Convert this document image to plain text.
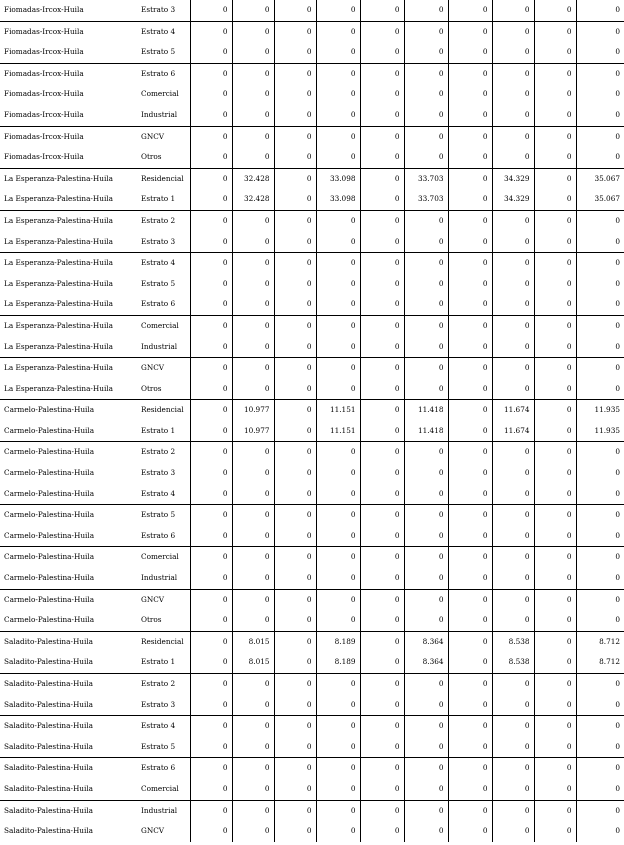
Fiomadas-Ircox-Huila	Estrato 3	0	0	0	0	0	0	0	0	0	0
Fiomadas-Ircox-Huila	Estrato 4	0	0	0	0	0	0	0	0	0	0
Fiomadas-Ircox-Huila	Estrato 5	0	0	0	0	0	0	0	0	0	0
Fiomadas-Ircox-Huila	Estrato 6	0	0	0	0	0	0	0	0	0	0
Fiomadas-Ircox-Huila	Comercial	0	0	0	0	0	0	0	0	0	0
Fiomadas-Ircox-Huila	Industrial	0	0	0	0	0	0	0	0	0	0
Fiomadas-Ircox-Huila	GNCV	0	0	0	0	0	0	0	0	0	0
Fiomadas-Ircox-Huila	Otros	0	0	0	0	0	0	0	0	0	0
La Esperanza-Palestina-Huila	Residencial	0	32.428	0	33.098	0	33.703	0	34.329	0	35.067
La Esperanza-Palestina-Huila	Estrato 1	0	32.428	0	33.098	0	33.703	0	34.329	0	35.067
La Esperanza-Palestina-Huila	Estrato 2	0	0	0	0	0	0	0	0	0	0
La Esperanza-Palestina-Huila	Estrato 3	0	0	0	0	0	0	0	0	0	0
La Esperanza-Palestina-Huila	Estrato 4	0	0	0	0	0	0	0	0	0	0
La Esperanza-Palestina-Huila	Estrato 5	0	0	0	0	0	0	0	0	0	0
La Esperanza-Palestina-Huila	Estrato 6	0	0	0	0	0	0	0	0	0	0
La Esperanza-Palestina-Huila	Comercial	0	0	0	0	0	0	0	0	0	0
La Esperanza-Palestina-Huila	Industrial	0	0	0	0	0	0	0	0	0	0
La Esperanza-Palestina-Huila	GNCV	0	0	0	0	0	0	0	0	0	0
La Esperanza-Palestina-Huila	Otros	0	0	0	0	0	0	0	0	0	0
Carmelo-Palestina-Huila	Residencial	0	10.977	0	11.151	0	11.418	0	11.674	0	11.935
Carmelo-Palestina-Huila	Estrato 1	0	10.977	0	11.151	0	11.418	0	11.674	0	11.935
Carmelo-Palestina-Huila	Estrato 2	0	0	0	0	0	0	0	0	0	0
Carmelo-Palestina-Huila	Estrato 3	0	0	0	0	0	0	0	0	0	0
Carmelo-Palestina-Huila	Estrato 4	0	0	0	0	0	0	0	0	0	0
Carmelo-Palestina-Huila	Estrato 5	0	0	0	0	0	0	0	0	0	0
Carmelo-Palestina-Huila	Estrato 6	0	0	0	0	0	0	0	0	0	0
Carmelo-Palestina-Huila	Comercial	0	0	0	0	0	0	0	0	0	0
Carmelo-Palestina-Huila	Industrial	0	0	0	0	0	0	0	0	0	0
Carmelo-Palestina-Huila	GNCV	0	0	0	0	0	0	0	0	0	0
Carmelo-Palestina-Huila	Otros	0	0	0	0	0	0	0	0	0	0
Saladito-Palestina-Huila	Residencial	0	8.015	0	8.189	0	8.364	0	8.538	0	8.712
Saladito-Palestina-Huila	Estrato 1	0	8.015	0	8.189	0	8.364	0	8.538	0	8.712
Saladito-Palestina-Huila	Estrato 2	0	0	0	0	0	0	0	0	0	0
Saladito-Palestina-Huila	Estrato 3	0	0	0	0	0	0	0	0	0	0
Saladito-Palestina-Huila	Estrato 4	0	0	0	0	0	0	0	0	0	0
Saladito-Palestina-Huila	Estrato 5	0	0	0	0	0	0	0	0	0	0
Saladito-Palestina-Huila	Estrato 6	0	0	0	0	0	0	0	0	0	0
Saladito-Palestina-Huila	Comercial	0	0	0	0	0	0	0	0	0	0
Saladito-Palestina-Huila	Industrial	0	0	0	0	0	0	0	0	0	0
Saladito-Palestina-Huila	GNCV	0	0	0	0	0	0	0	0	0	0
